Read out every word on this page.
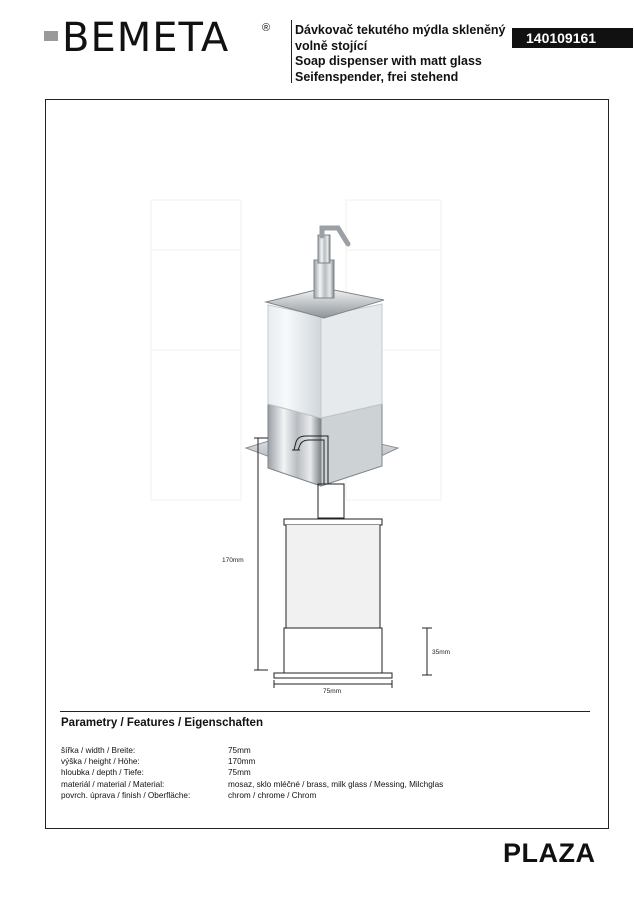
BEMETA	® Dávkovač tekutého mýdla skleněný
volně stojící
Soap dispenser with matt glass
Seifenspender, frei stehend
140109161
170mm
35mm
75mm
Parametry / Features / Eigenschaften
šířka / width / Breite:	75mm
výška / height / Höhe:	170mm
hloubka / depth / Tiefe:	75mm
materiál / material / Material:	mosaz, sklo mléčné / brass, milk glass / Messing, Milchglas
povrch. úprava / finish / Oberfläche:	chrom / chrome / Chrom
PLAZA
